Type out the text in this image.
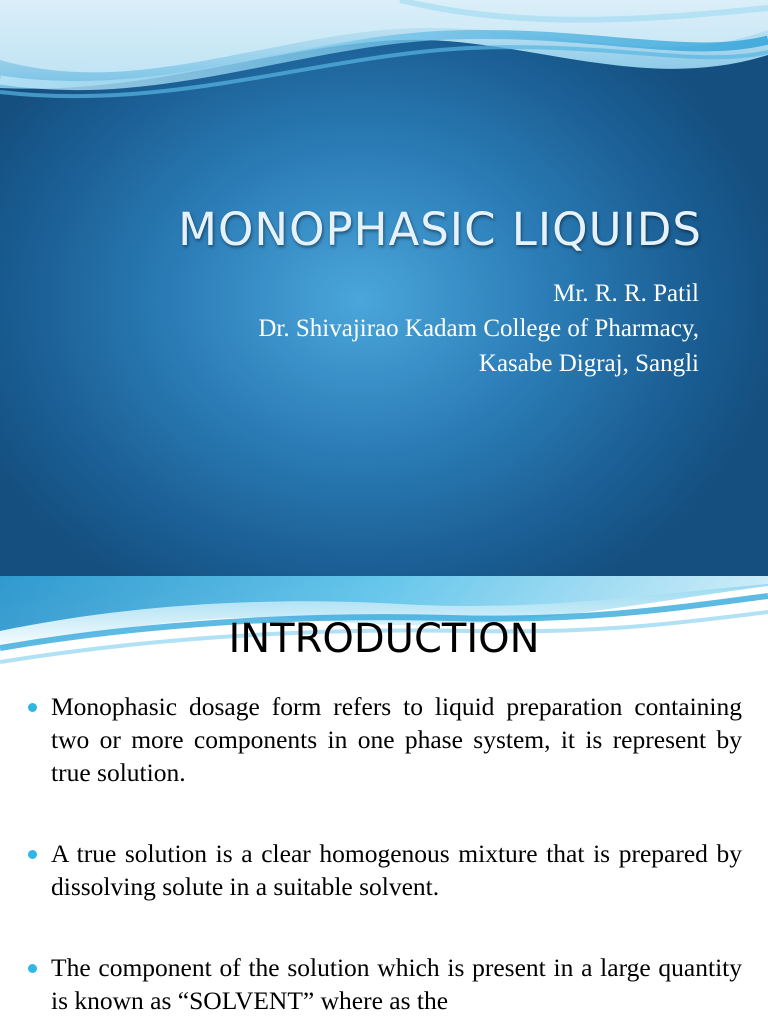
MONOPHASIC LIQUIDS
Mr. R. R. Patil
Dr. Shivajirao Kadam College of Pharmacy,
Kasabe Digraj, Sangli
INTRODUCTION
Monophasic dosage form refers to liquid preparation containing two or more components in one phase system, it is represent by true solution.
A true solution is a clear homogenous mixture that is prepared by dissolving solute in a suitable solvent.
The component of the solution which is present in a large quantity is known as “SOLVENT” where as the
